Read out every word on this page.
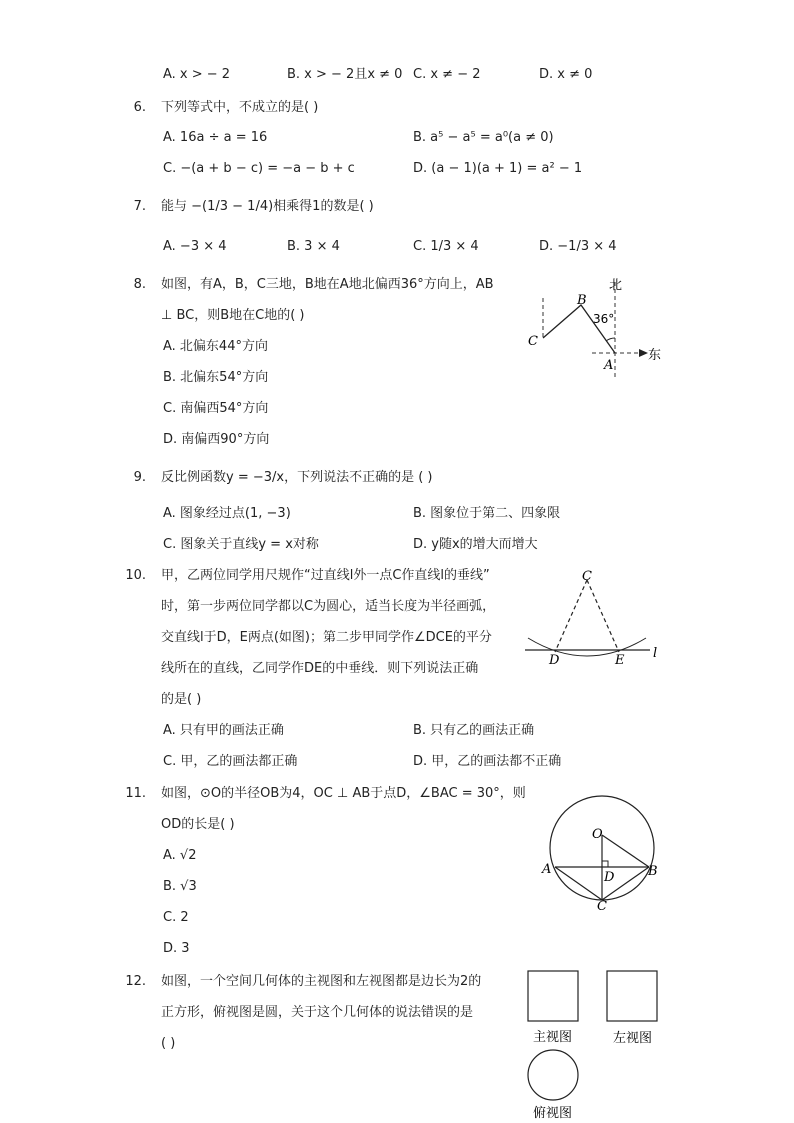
A. x > − 2	B. x > − 2且x ≠ 0 C. x ≠ − 2	D. x ≠ 0
6. 下列等式中，不成立的是( )
A. 16a ÷ a = 16	B. a⁵ − a⁵ = a⁰(a ≠ 0)
C. −(a + b − c) = −a − b + c	D. (a − 1)(a + 1) = a² − 1
7. 能与 −(1/3 − 1/4)相乘得1的数是( )
A. −3 × 4	B. 3 × 4	C. 1/3 × 4	D. −1/3 × 4
8. 如图，有A，B，C三地，B地在A地北偏西36°方向上，AB
⊥ BC，则B地在C地的( )
A. 北偏东44°方向
B. 北偏东54°方向
C. 南偏西54°方向
D. 南偏西90°方向
北
东
36°
B
C
A
9. 反比例函数y = −3/x，下列说法不正确的是 ( )
A. 图象经过点(1, −3)	B. 图象位于第二、四象限
C. 图象关于直线y = x对称	D. y随x的增大而增大
10. 甲，乙两位同学用尺规作“过直线l外一点C作直线l的垂线”
时，第一步两位同学都以C为圆心，适当长度为半径画弧，
交直线l于D，E两点(如图)；第二步甲同学作∠DCE的平分
线所在的直线，乙同学作DE的中垂线．则下列说法正确
的是( )
A. 只有甲的画法正确	B. 只有乙的画法正确
C. 甲，乙的画法都正确	D. 甲，乙的画法都不正确
C
D	E l
11. 如图，⊙O的半径OB为4，OC ⊥ AB于点D，∠BAC = 30°，则
OD的长是( )
A. √2
B. √3
C. 2
D. 3
O
A	B
C
D
12. 如图，一个空间几何体的主视图和左视图都是边长为2的
正方形，俯视图是圆，关于这个几何体的说法错误的是
( )	主视图	左视图
俯视图
